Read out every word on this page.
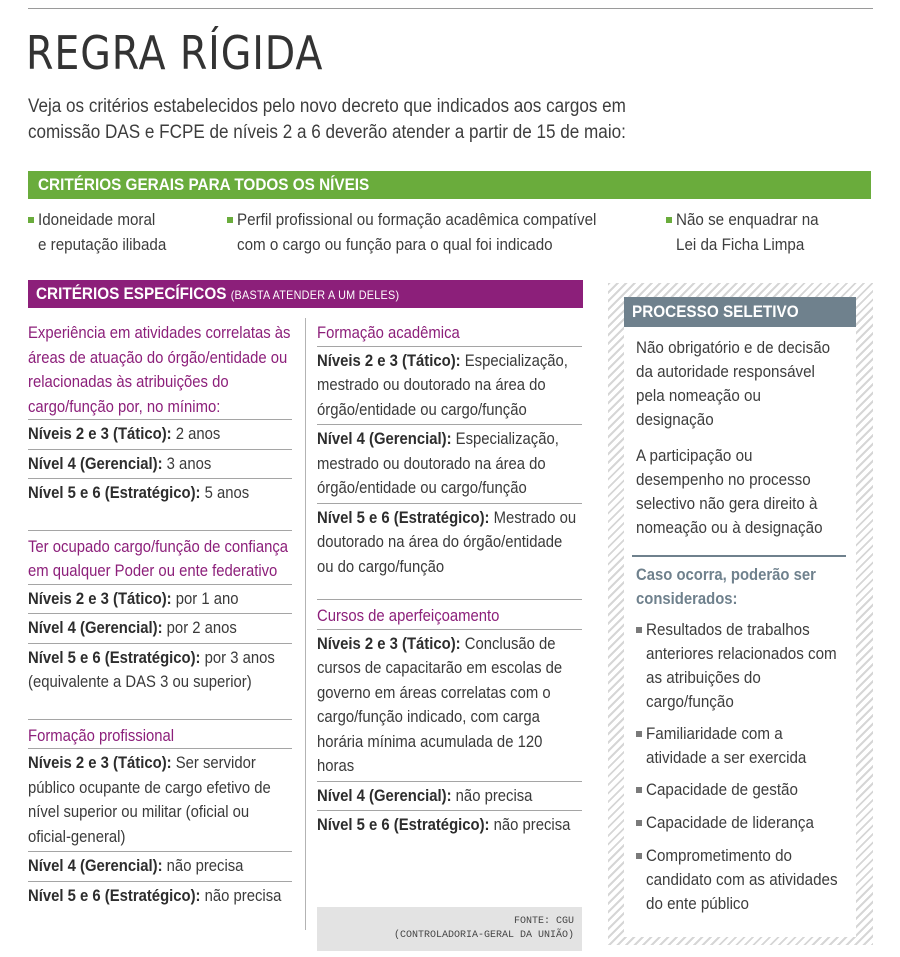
REGRA RÍGIDA

Veja os critérios estabelecidos pelo novo decreto que indicados aos cargos em comissão DAS e FCPE de níveis 2 a 6 deverão atender a partir de 15 de maio:

CRITÉRIOS GERAIS PARA TODOS OS NÍVEIS
Idoneidade moral
e reputação ilibada
Perfil profissional ou formação acadêmica compatível
com o cargo ou função para o qual foi indicado
Não se enquadrar na
Lei da Ficha Limpa
CRITÉRIOS ESPECÍFICOS (BASTA ATENDER A UM DELES)
Experiência em atividades correlatas às áreas de atuação do órgão/entidade ou relacionadas às atribuições do cargo/função por, no mínimo:
Níveis 2 e 3 (Tático): 2 anos
Nível 4 (Gerencial): 3 anos
Nível 5 e 6 (Estratégico): 5 anos
Ter ocupado cargo/função de confiança em qualquer Poder ou ente federativo
Níveis 2 e 3 (Tático): por 1 ano
Nível 4 (Gerencial): por 2 anos
Nível 5 e 6 (Estratégico): por 3 anos (equivalente a DAS 3 ou superior)
Formação profissional
Níveis 2 e 3 (Tático): Ser servidor público ocupante de cargo efetivo de nível superior ou militar (oficial ou oficial-general)
Nível 4 (Gerencial): não precisa
Nível 5 e 6 (Estratégico): não precisa
Formação acadêmica
Níveis 2 e 3 (Tático): Especialização, mestrado ou doutorado na área do órgão/entidade ou cargo/função
Nível 4 (Gerencial): Especialização, mestrado ou doutorado na área do órgão/entidade ou cargo/função
Nível 5 e 6 (Estratégico): Mestrado ou doutorado na área do órgão/entidade ou do cargo/função
Cursos de aperfeiçoamento
Níveis 2 e 3 (Tático): Conclusão de cursos de capacitarão em escolas de governo em áreas correlatas com o cargo/função indicado, com carga horária mínima acumulada de 120 horas
Nível 4 (Gerencial): não precisa
Nível 5 e 6 (Estratégico): não precisa
FONTE: CGU
(CONTROLADORIA-GERAL DA UNIÃO)
PROCESSO SELETIVO
Não obrigatório e de decisão da autoridade responsável pela nomeação ou designação
A participação ou desempenho no processo selectivo não gera direito à nomeação ou à designação
Caso ocorra, poderão ser considerados:
Resultados de trabalhos anteriores relacionados com as atribuições do cargo/função
Familiaridade com a atividade a ser exercida
Capacidade de gestão
Capacidade de liderança
Comprometimento do candidato com as atividades do ente público
